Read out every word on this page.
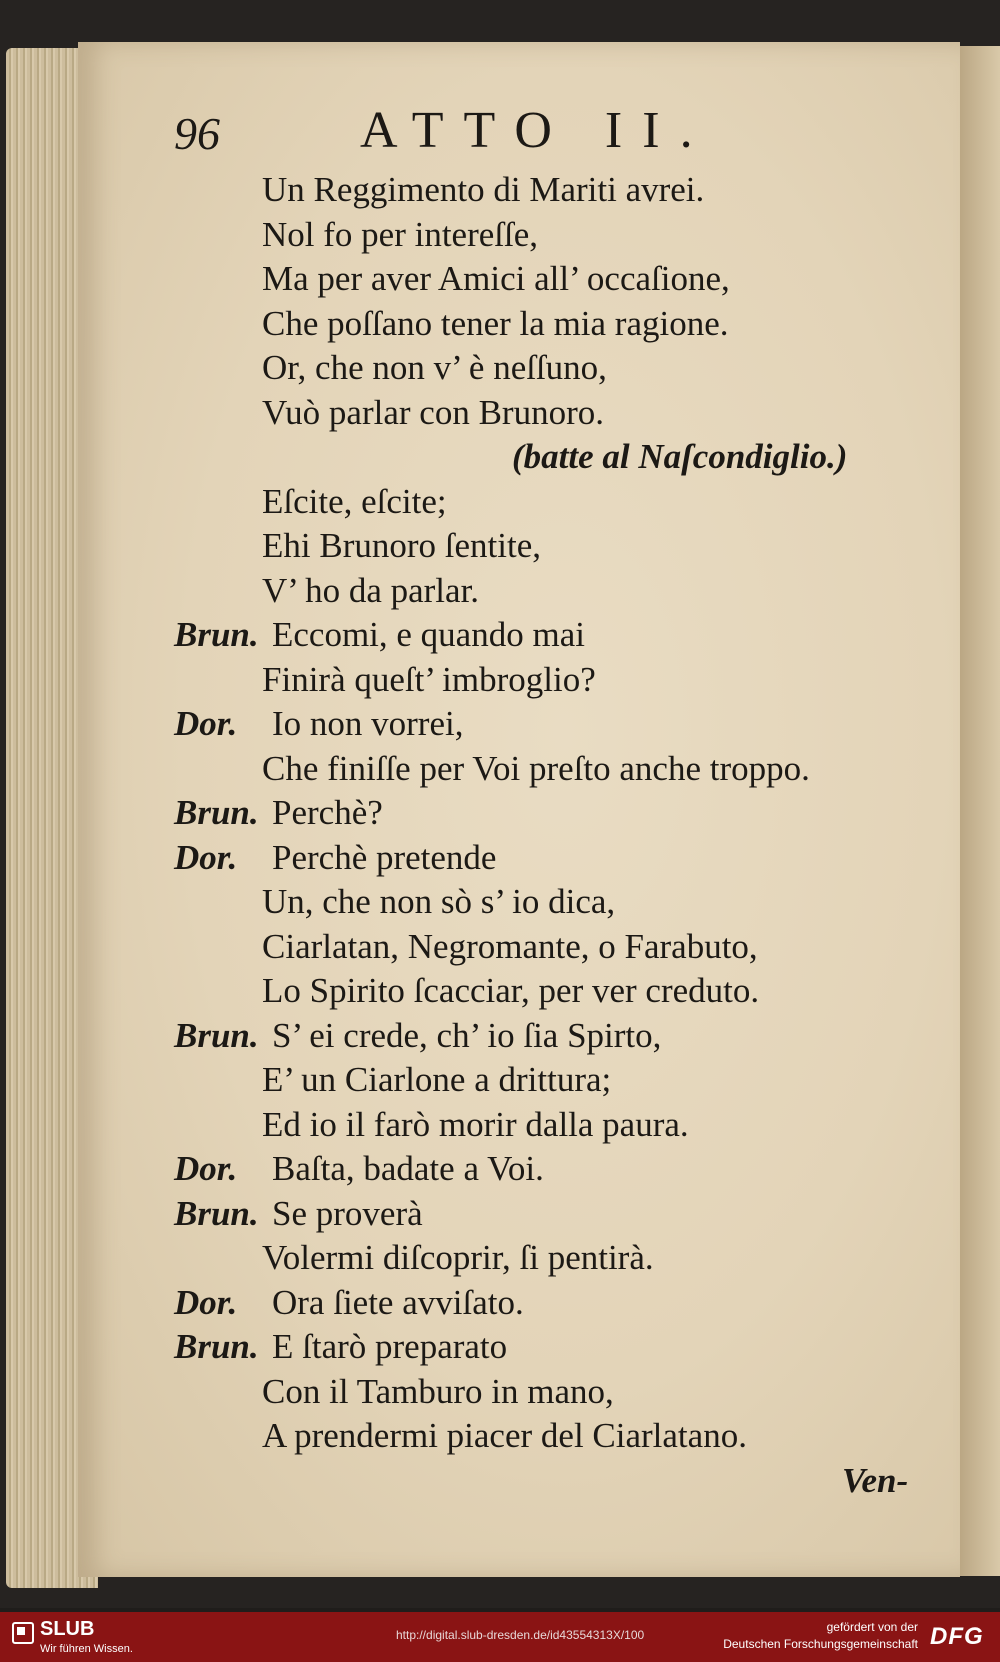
96	ATTO II.
Un Reggimento di Mariti avrei.
Nol fo per intereſſe,
Ma per aver Amici all’ occaſione,
Che poſſano tener la mia ragione.
Or, che non v’ è neſſuno,
Vuò parlar con Brunoro.
(batte al Naſcondiglio.)
Eſcite, eſcite;
Ehi Brunoro ſentite,
V’ ho da parlar.
Brun. Eccomi, e quando mai
Finirà queſt’ imbroglio?
Dor. Io non vorrei,
Che finiſſe per Voi preſto anche troppo.
Brun. Perchè?
Dor. Perchè pretende
Un, che non sò s’ io dica,
Ciarlatan, Negromante, o Farabuto,
Lo Spirito ſcacciar, per ver creduto.
Brun. S’ ei crede, ch’ io ſia Spirto,
E’ un Ciarlone a drittura;
Ed io il farò morir dalla paura.
Dor. Baſta, badate a Voi.
Brun. Se proverà
Volermi diſcoprir, ſi pentirà.
Dor. Ora ſiete avviſato.
Brun. E ſtarò preparato
Con il Tamburo in mano,
A prendermi piacer del Ciarlatano.
Ven-
SLUB
Wir führen Wissen.
http://digital.slub-dresden.de/id43554313X/100
gefördert von der
Deutschen Forschungsgemeinschaft DFG
